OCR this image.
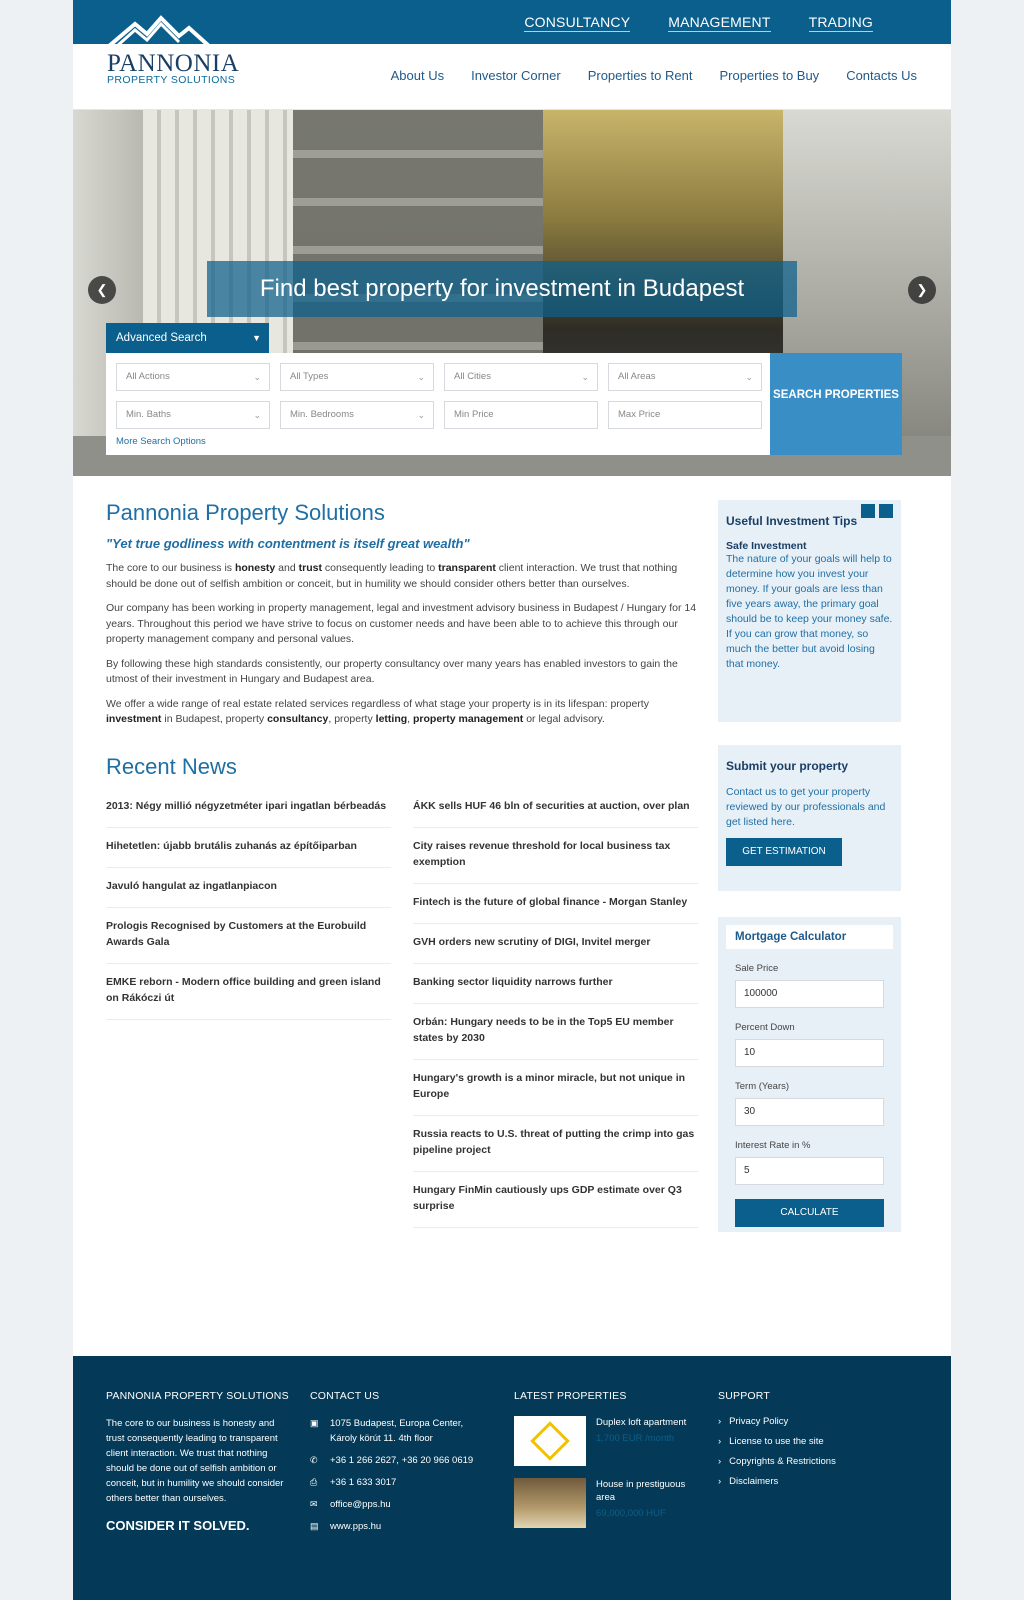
CONSULTANCY	MANAGEMENT	TRADING
PANNONIA
PROPERTY SOLUTIONS	About Us Investor Corner Properties to Rent Properties to Buy Contacts Us
Find best property for investment in Budapest
❮	❯
Advanced Search	▼
All Actions	⌄	All Types	⌄	All Cities	⌄	All Areas	⌄
Min. Baths	⌄	Min. Bedrooms	⌄	Min Price	Max Price
More Search Options
SEARCH PROPERTIES
Pannonia Property Solutions
"Yet true godliness with contentment is itself great wealth"

The core to our business is honesty and trust consequently leading to transparent client interaction. We trust that nothing should be done out of selfish ambition or conceit, but in humility we should consider others better than ourselves.

Our company has been working in property management, legal and investment advisory business in Budapest / Hungary for 14 years. Throughout this period we have strive to focus on customer needs and have been able to to achieve this through our property management company and personal values.

By following these high standards consistently, our property consultancy over many years has enabled investors to gain the utmost of their investment in Hungary and Budapest area.

We offer a wide range of real estate related services regardless of what stage your property is in its lifespan: property investment in Budapest, property consultancy, property letting, property management or legal advisory.

Recent News
2013: Négy millió négyzetméter ipari ingatlan bérbeadás
Hihetetlen: újabb brutális zuhanás az építőiparban
Javuló hangulat az ingatlanpiacon
Prologis Recognised by Customers at the Eurobuild Awards Gala
EMKE reborn - Modern office building and green island on Rákóczi út
ÁKK sells HUF 46 bln of securities at auction, over plan
City raises revenue threshold for local business tax exemption
Fintech is the future of global finance - Morgan Stanley
GVH orders new scrutiny of DIGI, Invitel merger
Banking sector liquidity narrows further
Orbán: Hungary needs to be in the Top5 EU member states by 2030
Hungary's growth is a minor miracle, but not unique in Europe
Russia reacts to U.S. threat of putting the crimp into gas pipeline project
Hungary FinMin cautiously ups GDP estimate over Q3 surprise
Useful Investment Tips
Safe Investment
The nature of your goals will help to determine how you invest your money. If your goals are less than five years away, the primary goal should be to keep your money safe. If you can grow that money, so much the better but avoid losing that money.
Submit your property
Contact us to get your property reviewed by our professionals and get listed here.
GET ESTIMATION
Mortgage Calculator
Sale Price
100000
Percent Down
10
Term (Years)
30
Interest Rate in %
5
CALCULATE
PANNONIA PROPERTY SOLUTIONS
The core to our business is honesty and trust consequently leading to transparent client interaction. We trust that nothing should be done out of selfish ambition or conceit, but in humility we should consider others better than ourselves.
CONSIDER IT SOLVED.
CONTACT US
▣ 1075 Budapest, Europa Center, Károly körút 11. 4th floor
✆ +36 1 266 2627, +36 20 966 0619
⎙ +36 1 633 3017
✉ office@pps.hu
▤ www.pps.hu
LATEST PROPERTIES
Duplex loft apartment
1,700 EUR /month
House in prestiguous area
69,000,000 HUF
SUPPORT
› Privacy Policy
› License to use the site
› Copyrights & Restrictions
› Disclaimers
